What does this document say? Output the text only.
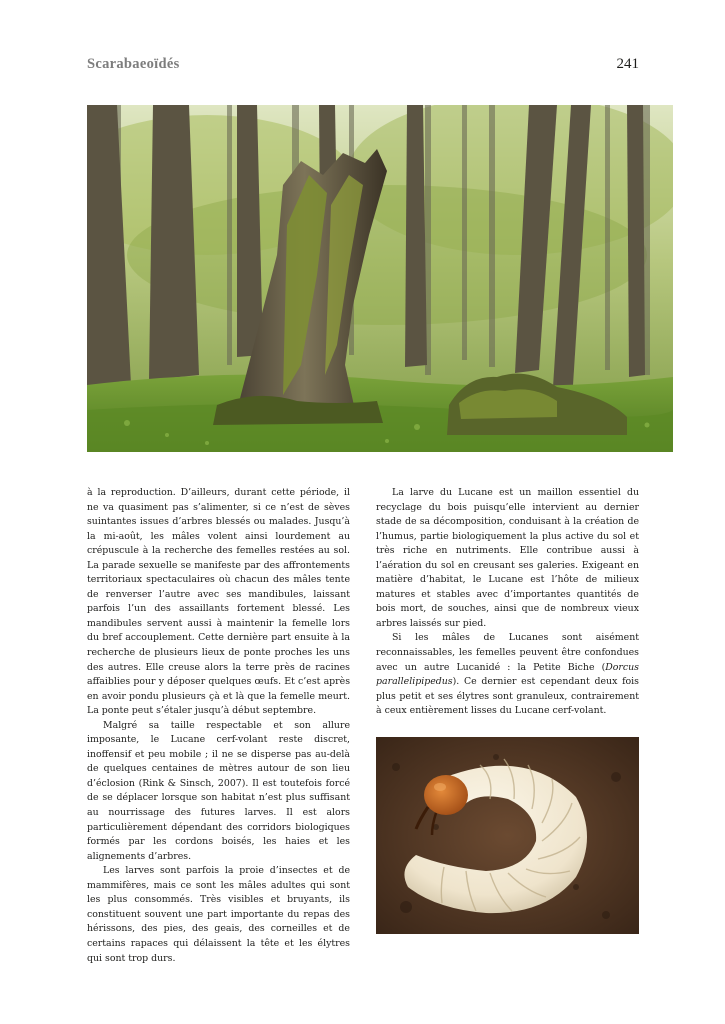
Scarabaeoïdés	241

à la reproduction. D’ailleurs, durant cette période, il ne va quasiment pas s’alimenter, si ce n’est de sèves suintantes issues d’arbres blessés ou malades. Jusqu’à la mi-août, les mâles volent ainsi lourdement au crépuscule à la recherche des femelles restées au sol. La parade sexuelle se manifeste par des affrontements territoriaux spectaculaires où chacun des mâles tente de renverser l’autre avec ses mandibules, laissant parfois l’un des assaillants fortement blessé. Les mandibules servent aussi à maintenir la femelle lors du bref accouplement. Cette dernière part ensuite à la recherche de plusieurs lieux de ponte proches les uns des autres. Elle creuse alors la terre près de racines affaiblies pour y déposer quelques œufs. Et c’est après en avoir pondu plusieurs çà et là que la femelle meurt. La ponte peut s’étaler jusqu’à début septembre.

Malgré sa taille respectable et son allure imposante, le Lucane cerf-volant reste discret, inoffensif et peu mobile ; il ne se disperse pas au-delà de quelques centaines de mètres autour de son lieu d’éclosion (Rink & Sinsch, 2007). Il est toutefois forcé de se déplacer lorsque son habitat n’est plus suffisant au nourrissage des futures larves. Il est alors particulièrement dépendant des corridors biologiques formés par les cordons boisés, les haies et les alignements d’arbres.

Les larves sont parfois la proie d’insectes et de mammifères, mais ce sont les mâles adultes qui sont les plus consommés. Très visibles et bruyants, ils constituent souvent une part importante du repas des hérissons, des pies, des geais, des corneilles et de certains rapaces qui délaissent la tête et les élytres qui sont trop durs.

La larve du Lucane est un maillon essentiel du recyclage du bois puisqu’elle intervient au dernier stade de sa décomposition, conduisant à la création de l’humus, partie biologiquement la plus active du sol et très riche en nutriments. Elle contribue aussi à l’aération du sol en creusant ses galeries. Exigeant en matière d’habitat, le Lucane est l’hôte de milieux matures et stables avec d’importantes quantités de bois mort, de souches, ainsi que de nombreux vieux arbres laissés sur pied.

Si les mâles de Lucanes sont aisément reconnaissables, les femelles peuvent être confondues avec un autre Lucanidé : la Petite Biche (Dorcus parallelipipedus). Ce dernier est cependant deux fois plus petit et ses élytres sont granuleux, contrairement à ceux entièrement lisses du Lucane cerf-volant.
